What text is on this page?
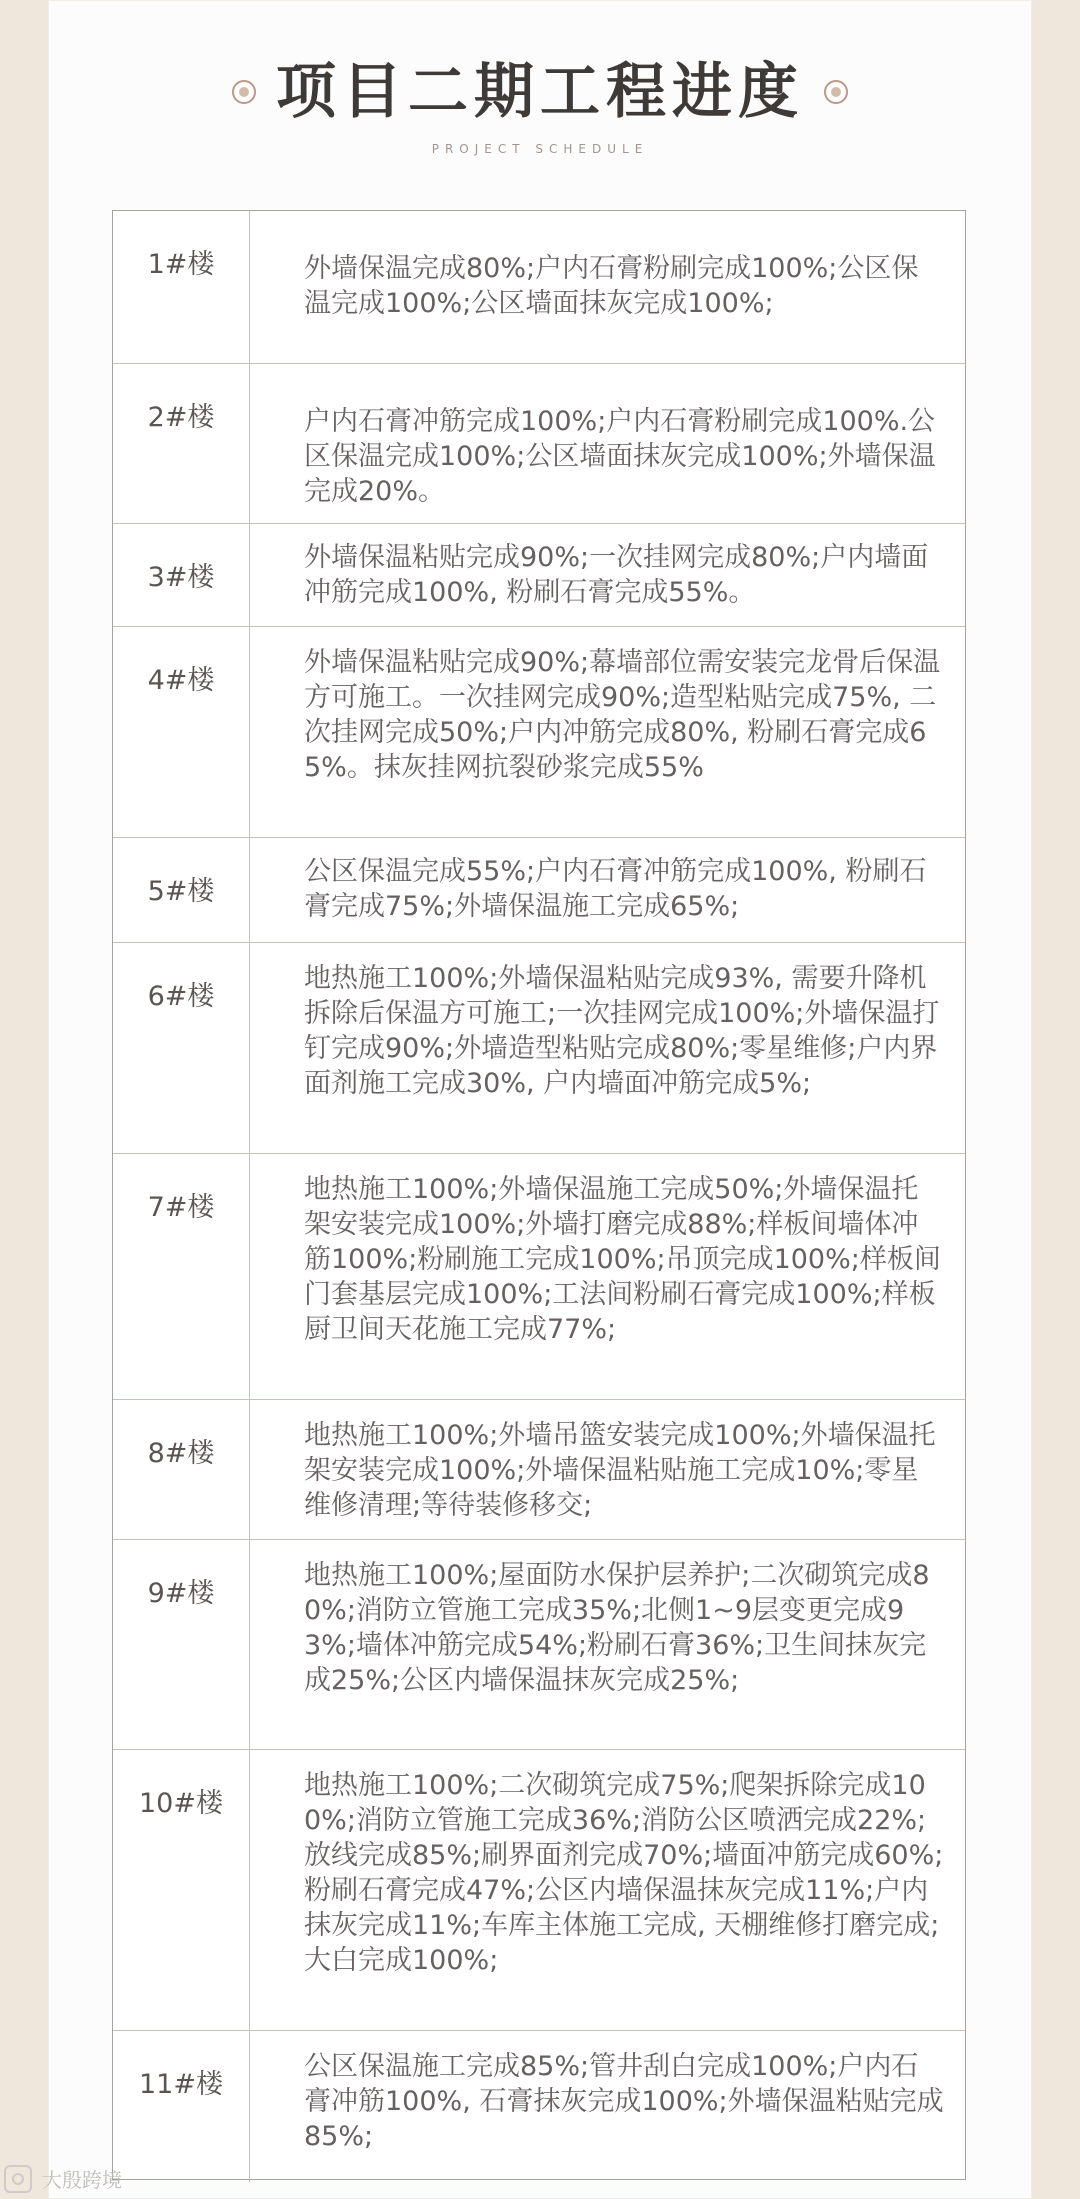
项目二期工程进度
PROJECT SCHEDULE
1#楼	外墙保温完成80%;户内石膏粉刷完成100%;公区保温完成100%;公区墙面抹灰完成100%;
2#楼	户内石膏冲筋完成100%;户内石膏粉刷完成100%.公区保温完成100%;公区墙面抹灰完成100%;外墙保温完成20%。
3#楼
外墙保温粘贴完成90%;一次挂网完成80%;户内墙面冲筋完成100%, 粉刷石膏完成55%。
4#楼
外墙保温粘贴完成90%;幕墙部位需安装完龙骨后保温方可施工。一次挂网完成90%;造型粘贴完成75%, 二次挂网完成50%;户内冲筋完成80%, 粉刷石膏完成65%。抹灰挂网抗裂砂浆完成55%
5#楼
公区保温完成55%;户内石膏冲筋完成100%, 粉刷石膏完成75%;外墙保温施工完成65%;
6#楼
地热施工100%;外墙保温粘贴完成93%, 需要升降机拆除后保温方可施工;一次挂网完成100%;外墙保温打钉完成90%;外墙造型粘贴完成80%;零星维修;户内界面剂施工完成30%, 户内墙面冲筋完成5%;
7#楼
地热施工100%;外墙保温施工完成50%;外墙保温托架安装完成100%;外墙打磨完成88%;样板间墙体冲筋100%;粉刷施工完成100%;吊顶完成100%;样板间门套基层完成100%;工法间粉刷石膏完成100%;样板厨卫间天花施工完成77%;
8#楼
地热施工100%;外墙吊篮安装完成100%;外墙保温托架安装完成100%;外墙保温粘贴施工完成10%;零星维修清理;等待装修移交;
9#楼
地热施工100%;屋面防水保护层养护;二次砌筑完成80%;消防立管施工完成35%;北侧1~9层变更完成93%;墙体冲筋完成54%;粉刷石膏36%;卫生间抹灰完成25%;公区内墙保温抹灰完成25%;
10#楼
地热施工100%;二次砌筑完成75%;爬架拆除完成100%;消防立管施工完成36%;消防公区喷洒完成22%;放线完成85%;刷界面剂完成70%;墙面冲筋完成60%;粉刷石膏完成47%;公区内墙保温抹灰完成11%;户内抹灰完成11%;车库主体施工完成, 天棚维修打磨完成;大白完成100%;
11#楼
公区保温施工完成85%;管井刮白完成100%;户内石膏冲筋100%, 石膏抹灰完成100%;外墙保温粘贴完成85%;
大殷跨境
